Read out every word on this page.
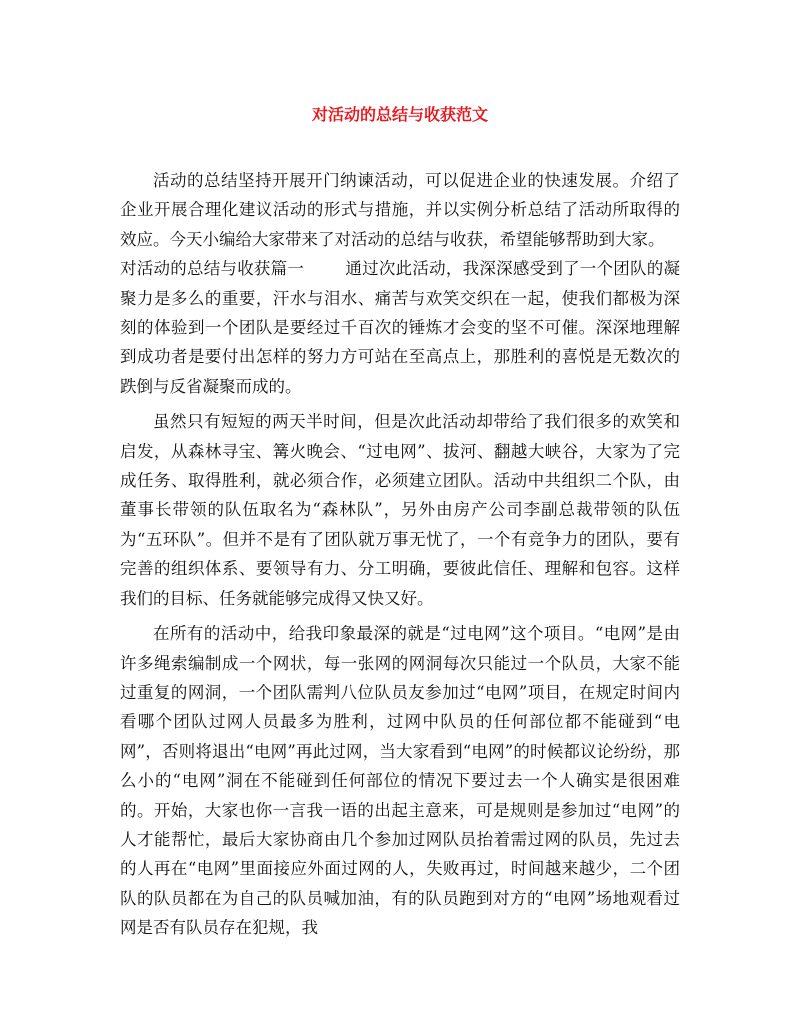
对活动的总结与收获范文

活动的总结坚持开展开门纳谏活动，可以促进企业的快速发展。介绍了企业开展合理化建议活动的形式与措施，并以实例分析总结了活动所取得的效应。今天小编给大家带来了对活动的总结与收获，希望能够帮助到大家。

对活动的总结与收获篇一	通过次此活动，我深深感受到了一个团队的凝聚力是多么的重要，汗水与泪水、痛苦与欢笑交织在一起，使我们都极为深刻的体验到一个团队是要经过千百次的锤炼才会变的坚不可催。深深地理解到成功者是要付出怎样的努力方可站在至高点上，那胜利的喜悦是无数次的跌倒与反省凝聚而成的。

虽然只有短短的两天半时间，但是次此活动却带给了我们很多的欢笑和启发，从森林寻宝、篝火晚会、“过电网”、拔河、翻越大峡谷，大家为了完成任务、取得胜利，就必须合作，必须建立团队。活动中共组织二个队，由董事长带领的队伍取名为“森林队”，另外由房产公司李副总裁带领的队伍为“五环队”。但并不是有了团队就万事无忧了，一个有竞争力的团队，要有完善的组织体系、要领导有力、分工明确，要彼此信任、理解和包容。这样我们的目标、任务就能够完成得又快又好。

在所有的活动中，给我印象最深的就是“过电网”这个项目。“电网”是由许多绳索编制成一个网状，每一张网的网洞每次只能过一个队员，大家不能过重复的网洞，一个团队需判八位队员友参加过“电网”项目，在规定时间内看哪个团队过网人员最多为胜利，过网中队员的任何部位都不能碰到“电网”，否则将退出“电网”再此过网，当大家看到“电网”的时候都议论纷纷，那么小的“电网”洞在不能碰到任何部位的情况下要过去一个人确实是很困难的。开始，大家也你一言我一语的出起主意来，可是规则是参加过“电网”的人才能帮忙，最后大家协商由几个参加过网队员抬着需过网的队员，先过去的人再在“电网”里面接应外面过网的人，失败再过，时间越来越少，二个团队的队员都在为自己的队员喊加油，有的队员跑到对方的“电网”场地观看过网是否有队员存在犯规，我
